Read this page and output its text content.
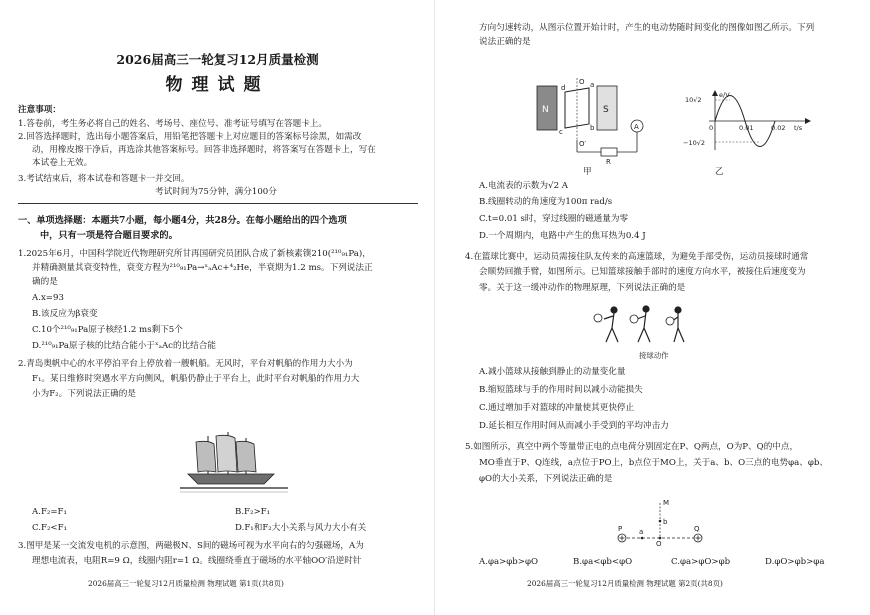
2026届高三一轮复习12月质量检测
物理试题
注意事项：
1.答卷前，考生务必将自己的姓名、考场号、座位号、准考证号填写在答题卡上。
2.回答选择题时，选出每小题答案后，用铅笔把答题卡上对应题目的答案标号涂黑，如需改
动，用橡皮擦干净后，再选涂其他答案标号。回答非选择题时，将答案写在答题卡上，写在
本试卷上无效。
3.考试结束后，将本试卷和答题卡一并交回。
考试时间为75分钟，满分100分
一、单项选择题：本题共7小题，每小题4分，共28分。在每小题给出的四个选项
中，只有一项是符合题目要求的。
1.2025年6月，中国科学院近代物理研究所甘再国研究员团队合成了新核素镤210(²¹⁰₉₁Pa)，
并精确测量其衰变特性，衰变方程为²¹⁰₉₁Pa→ˣₐAc+⁴₂He，半衰期为1.2 ms。下列说法正
确的是
A.x=93
B.该反应为β衰变
C.10个²¹⁰₉₁Pa原子核经1.2 ms剩下5个
D.²¹⁰₉₁Pa原子核的比结合能小于ˣₐAc的比结合能
2.青岛奥帆中心的水平停泊平台上停放着一艘帆船。无风时，平台对帆船的作用力大小为
F₁。某日维修时突遇水平方向侧风，帆船仍静止于平台上，此时平台对帆船的作用力大
小为F₂。下列说法正确的是
A.F₂=F₁	B.F₂>F₁
C.F₂<F₁	D.F₁和F₂大小关系与风力大小有关
3.图甲是某一交流发电机的示意图，两磁极N、S间的磁场可视为水平向右的匀强磁场，A为
理想电流表，电阻R=9 Ω，线圈内阻r=1 Ω。线圈绕垂直于磁场的水平轴OO′沿逆时针
2026届高三一轮复习12月质量检测 物理试题 第1页(共8页)
方向匀速转动，从图示位置开始计时，产生的电动势随时间变化的图像如图乙所示。下列
说法正确的是
N	S
d	a
b
c
O
O′
A
R
甲
e/V
10√2
−10√2
0	0.01	0.02 t/s
乙
A.电流表的示数为√2 A
B.线圈转动的角速度为100π rad/s
C.t=0.01 s时，穿过线圈的磁通量为零
D.一个周期内，电路中产生的焦耳热为0.4 J
4.在篮球比赛中，运动员需接住队友传来的高速篮球，为避免手部受伤，运动员接球时通常
会顺势回撤手臂，如图所示。已知篮球接触手部时的速度方向水平，被接住后速度变为
零。关于这一缓冲动作的物理原理，下列说法正确的是
接球动作
A.减小篮球从接触到静止的动量变化量
B.缩短篮球与手的作用时间以减小动能损失
C.通过增加手对篮球的冲量使其更快停止
D.延长相互作用时间从而减小手受到的平均冲击力
5.如图所示，真空中两个等量带正电的点电荷分别固定在P、Q两点，O为P、Q的中点，
MO垂直于P、Q连线，a点位于PO上，b点位于MO上，关于a、b、O三点的电势φa、φb、
φO的大小关系，下列说法正确的是
P	Q
M
b
a
O
A.φa>φb>φO	B.φa<φb<φO	C.φa>φO>φb	D.φO>φb>φa
2026届高三一轮复习12月质量检测 物理试题 第2页(共8页)
